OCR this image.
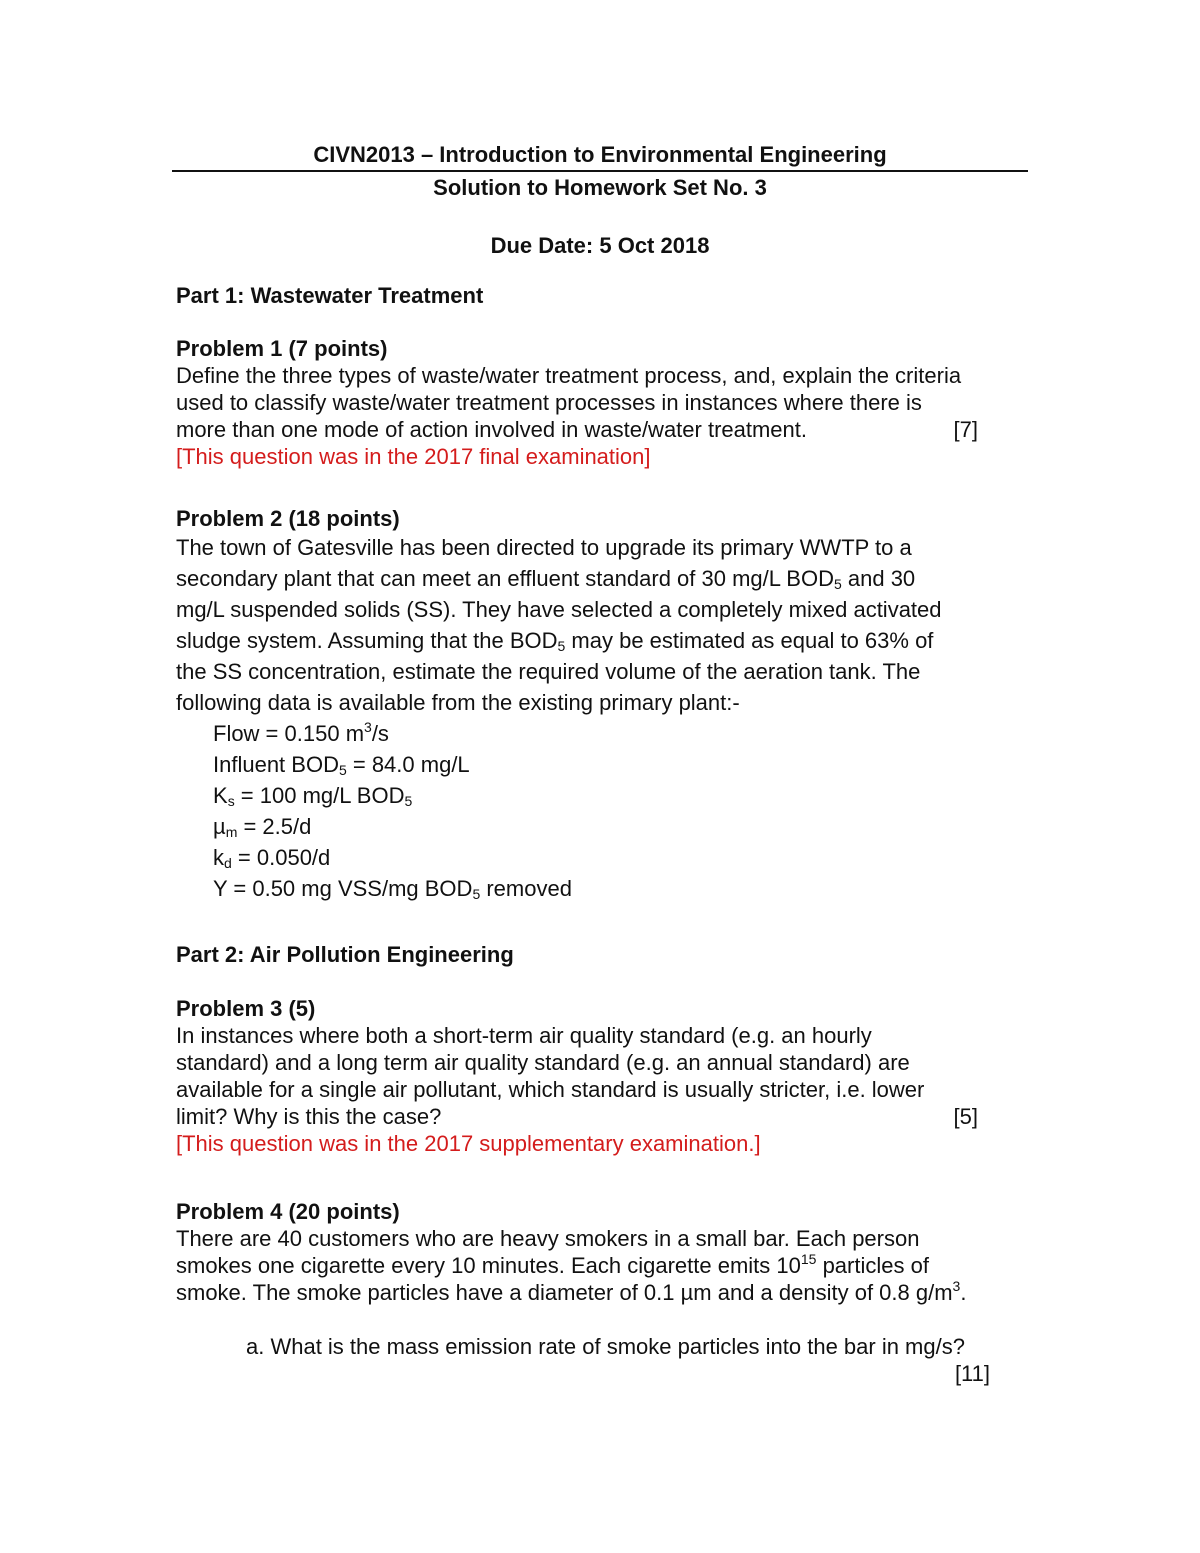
CIVN2013 – Introduction to Environmental Engineering
Solution to Homework Set No. 3
Due Date: 5 Oct 2018
Part 1: Wastewater Treatment
Problem 1 (7 points)
Define the three types of waste/water treatment process, and, explain the criteria
used to classify waste/water treatment processes in instances where there is
more than one mode of action involved in waste/water treatment.	[7]
[This question was in the 2017 final examination]
Problem 2 (18 points)
The town of Gatesville has been directed to upgrade its primary WWTP to a
secondary plant that can meet an effluent standard of 30 mg/L $BOD_5$ and 30
mg/L suspended solids (SS). They have selected a completely mixed activated
sludge system. Assuming that the $BOD_5$ may be estimated as equal to 63% of
the SS concentration, estimate the required volume of the aeration tank. The
following data is available from the existing primary plant:-
Flow = 0.150 $m^3/s$
Influent $BOD_5 = 84.0$ mg/L
$K_s = 100$ mg/L $BOD_5$
µ$_m$ = 2.5/d
$k_d = 0.050/d$
Y = 0.50 mg VSS/mg $BOD_5$ removed
Part 2: Air Pollution Engineering
Problem 3 (5)
In instances where both a short-term air quality standard (e.g. an hourly
standard) and a long term air quality standard (e.g. an annual standard) are
available for a single air pollutant, which standard is usually stricter, i.e. lower
limit? Why is this the case?	[5]
[This question was in the 2017 supplementary examination.]
Problem 4 (20 points)
There are 40 customers who are heavy smokers in a small bar. Each person
smokes one cigarette every 10 minutes. Each cigarette emits $10^{15}$ particles of
smoke. The smoke particles have a diameter of 0.1 µm and a density of 0.8 $g/m^3$.
a. What is the mass emission rate of smoke particles into the bar in mg/s?
[11]
